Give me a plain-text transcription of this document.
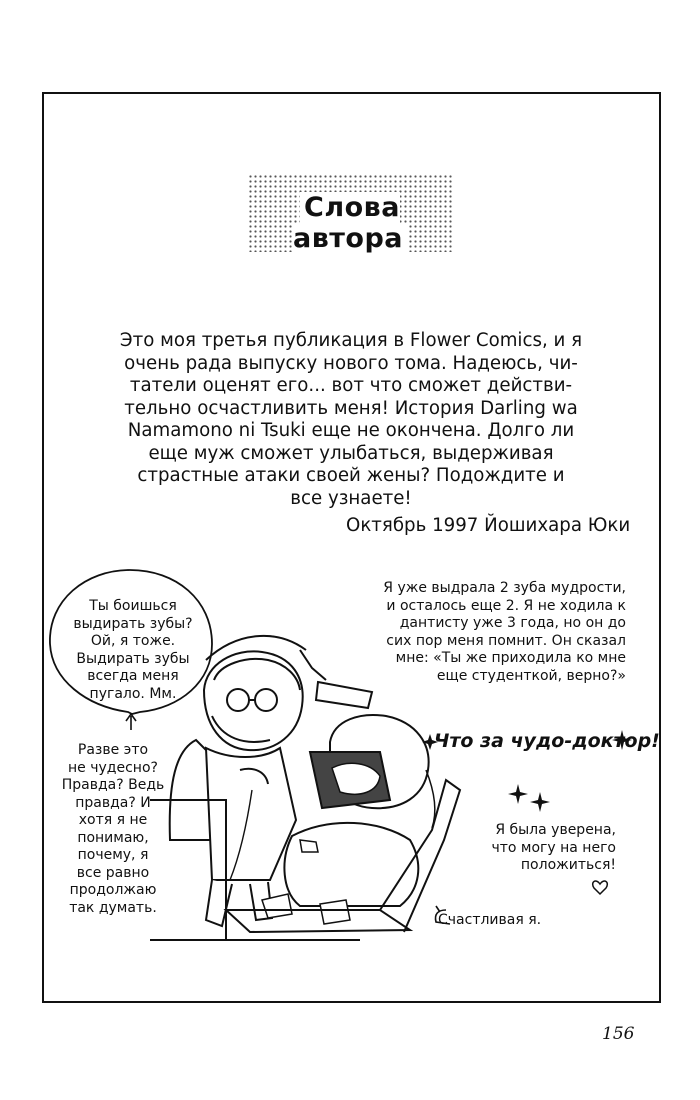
Слова автора
Это моя третья публикация в Flower Comics, и я
очень рада выпуску нового тома. Надеюсь, чи-
татели оценят его... вот что сможет действи-
тельно осчастливить меня! История Darling wa
Namamono ni Tsuki еще не окончена. Долго ли
еще муж сможет улыбаться, выдерживая
страстные атаки своей жены? Подождите и
все узнаете!
Октябрь 1997 Йошихара Юки
Ты боишься
выдирать зубы?
Ой, я тоже.
Выдирать зубы
всегда меня
пугало. Мм.
Разве это
не чудесно?
Правда? Ведь
правда? И
хотя я не
понимаю,
почему, я
все равно
продолжаю
так думать.
Я уже выдрала 2 зуба мудрости,
и осталось еще 2. Я не ходила к
дантисту уже 3 года, но он до
сих пор меня помнит. Он сказал
мне: «Ты же приходила ко мне
еще студенткой, верно?»
Что за чудо-доктор!
Я была уверена,
что могу на него
положиться!
Счастливая я.
156
